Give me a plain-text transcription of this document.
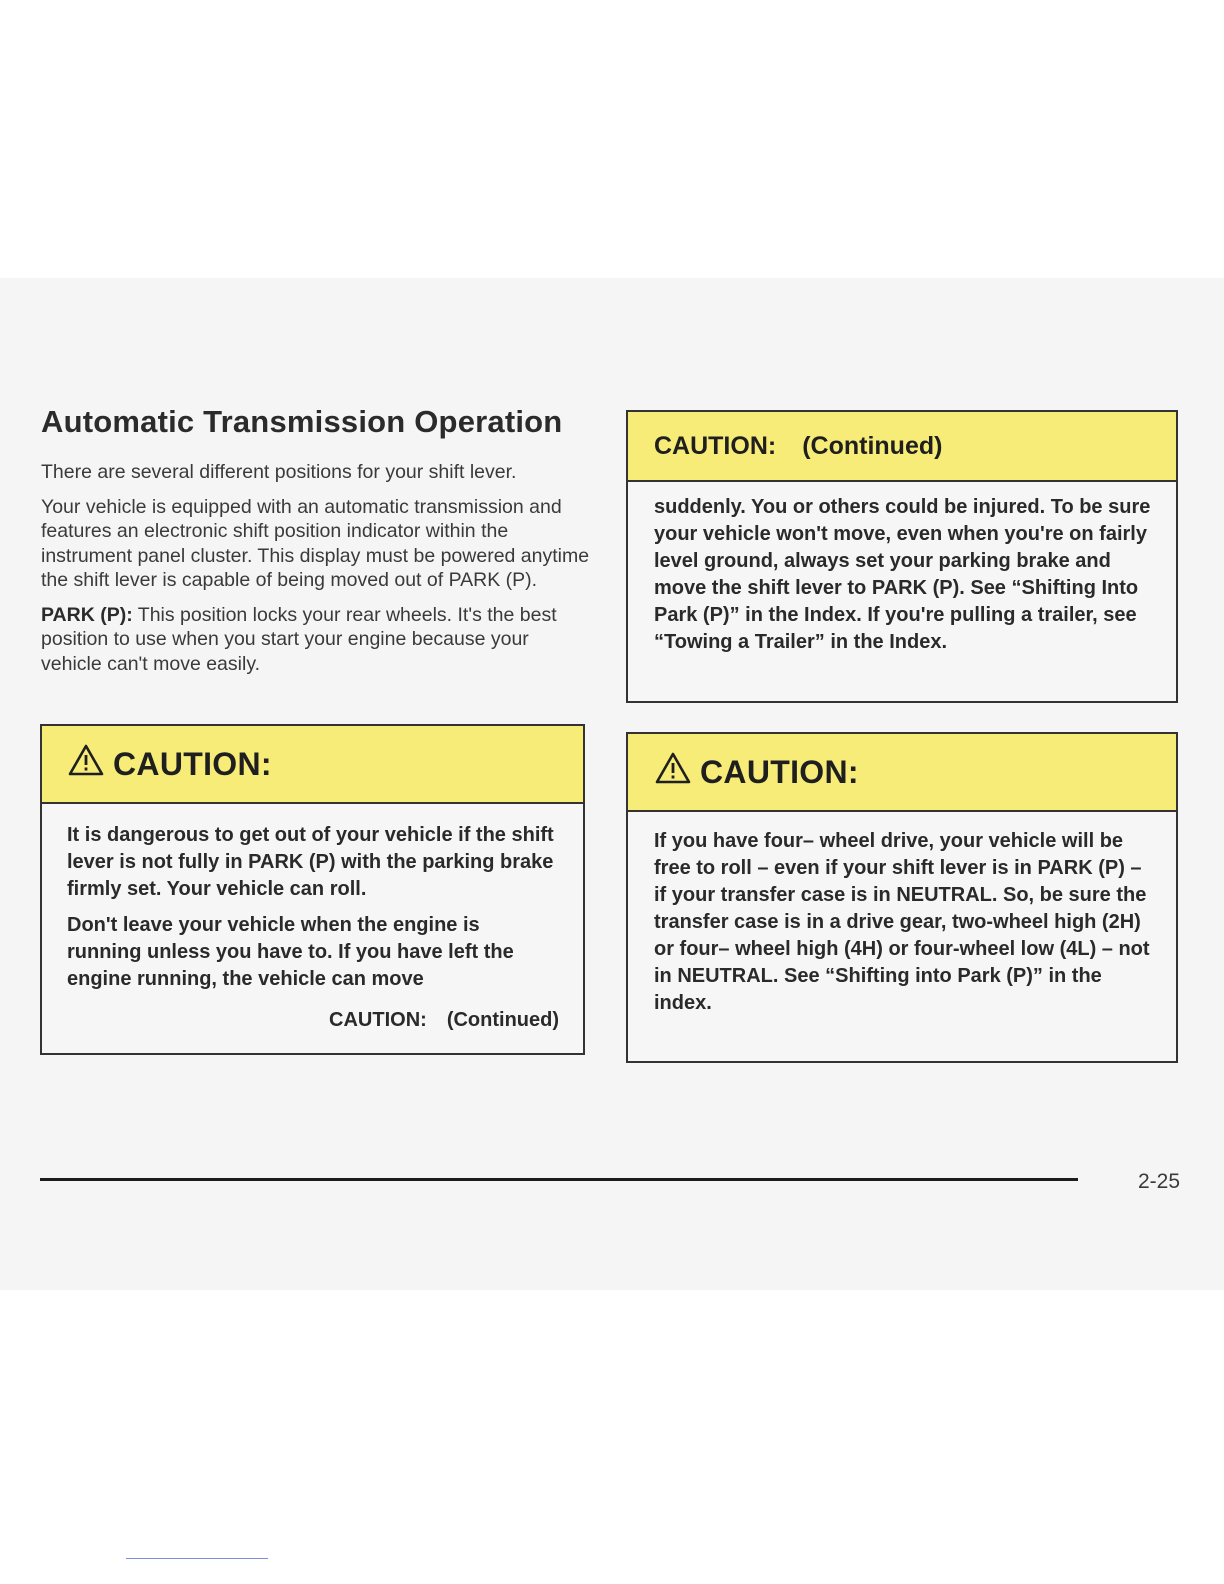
Automatic Transmission Operation

There are several different positions for your shift lever.

Your vehicle is equipped with an automatic transmission and features an electronic shift position indicator within the instrument panel cluster. This display must be powered anytime the shift lever is capable of being moved out of PARK (P).

PARK (P): This position locks your rear wheels. It's the best position to use when you start your engine because your vehicle can't move easily.

CAUTION:

It is dangerous to get out of your vehicle if the shift lever is not fully in PARK (P) with the parking brake firmly set. Your vehicle can roll.

Don't leave your vehicle when the engine is running unless you have to. If you have left the engine running, the vehicle can move

CAUTION: (Continued)
CAUTION: (Continued)

suddenly. You or others could be injured. To be sure your vehicle won't move, even when you're on fairly level ground, always set your parking brake and move the shift lever to PARK (P). See “Shifting Into Park (P)” in the Index. If you're pulling a trailer, see “Towing a Trailer” in the Index.

CAUTION:

If you have four– wheel drive, your vehicle will be free to roll – even if your shift lever is in PARK (P) – if your transfer case is in NEUTRAL. So, be sure the transfer case is in a drive gear, two-wheel high (2H) or four– wheel high (4H) or four-wheel low (4L) – not in NEUTRAL. See “Shifting into Park (P)” in the index.

2-25
